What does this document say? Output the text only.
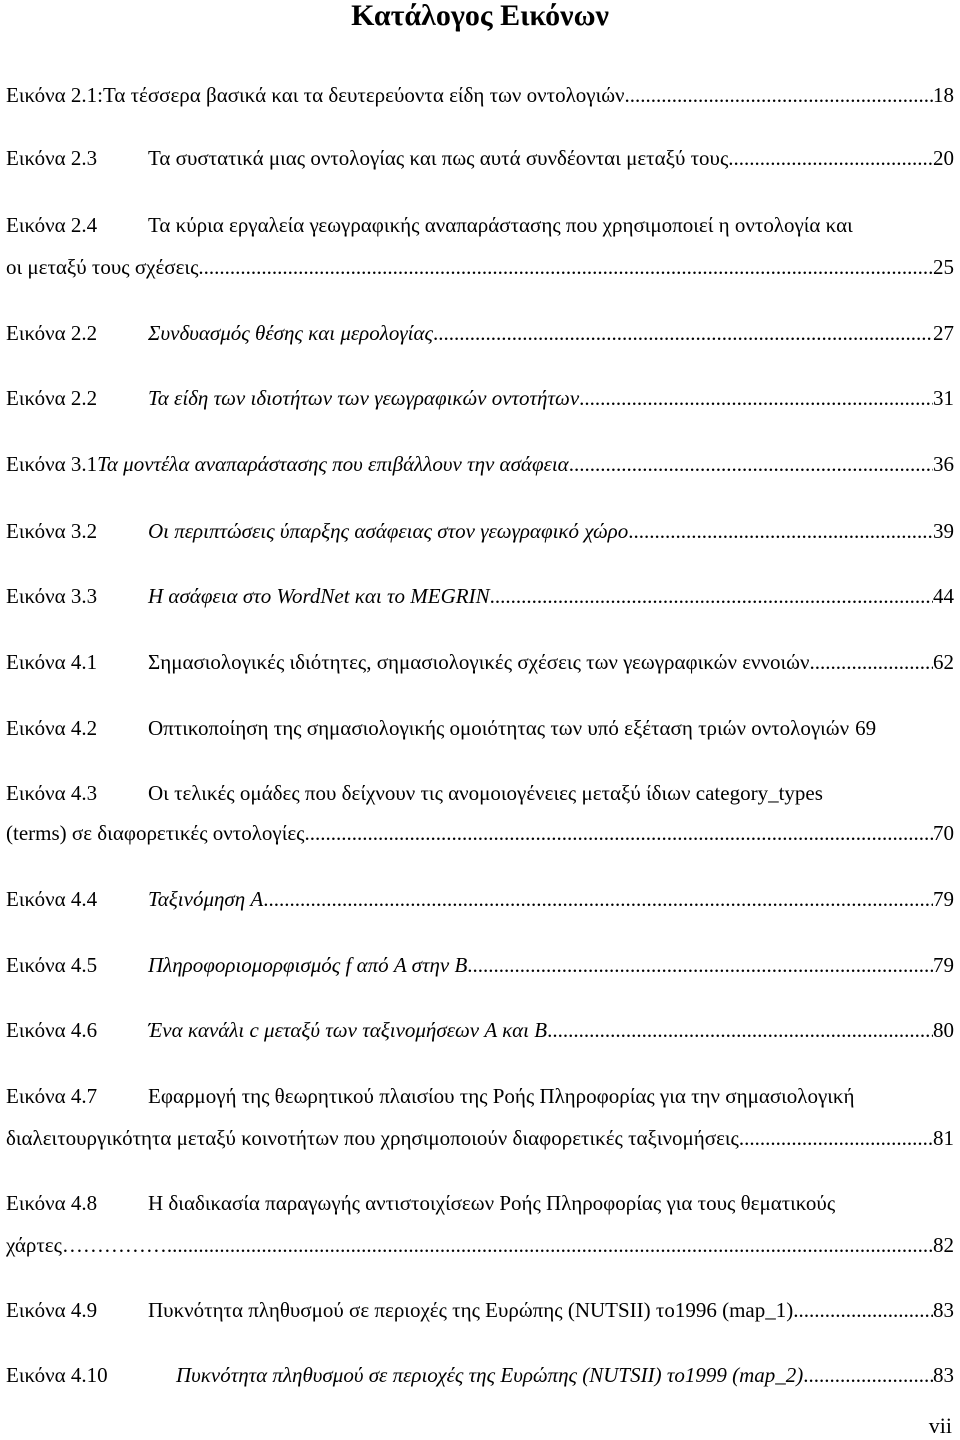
Κατάλογος Εικόνων
Εικόνα 2.1: Τα τέσσερα βασικά και τα δευτερεύοντα είδη των οντολογιών .....	18
Εικόνα 2.3	Τα συστατικά μιας οντολογίας και πως αυτά συνδέονται μεταξύ τους .....	20
Εικόνα 2.4	Τα κύρια εργαλεία γεωγραφικής αναπαράστασης που χρησιμοποιεί η οντολογία και
οι μεταξύ τους σχέσεις .....	25
Εικόνα 2.2	Συνδυασμός θέσης και μερολογίας .....	27
Εικόνα 2.2	Τα είδη των ιδιοτήτων των γεωγραφικών οντοτήτων .....	31
Εικόνα 3.1 Τα μοντέλα αναπαράστασης που επιβάλλουν την ασάφεια .....	36
Εικόνα 3.2	Οι περιπτώσεις ύπαρξης ασάφειας στον γεωγραφικό χώρο .....	39
Εικόνα 3.3	Η ασάφεια στο WordNet και το MEGRIN .....	44
Εικόνα 4.1	Σημασιολογικές ιδιότητες, σημασιολογικές σχέσεις των γεωγραφικών εννοιών .....	62
Εικόνα 4.2	Οπτικοποίηση της σημασιολογικής ομοιότητας των υπό εξέταση τριών οντολογιών 69
Εικόνα 4.3	Οι τελικές ομάδες που δείχνουν τις ανομοιογένειες μεταξύ ίδιων category_types
(terms) σε διαφορετικές οντολογίες .....	70
Εικόνα 4.4	Ταξινόμηση A .....	79
Εικόνα 4.5	Πληροφοριομορφισμός f από A στην B .....	79
Εικόνα 4.6	Ένα κανάλι c μεταξύ των ταξινομήσεων A και B .....	80
Εικόνα 4.7	Εφαρμογή της θεωρητικού πλαισίου της Ροής Πληροφορίας για την σημασιολογική
διαλειτουργικότητα μεταξύ κοινοτήτων που χρησιμοποιούν διαφορετικές ταξινομήσεις .....	81
Εικόνα 4.8	Η διαδικασία παραγωγής αντιστοιχίσεων Ροής Πληροφορίας για τους θεματικούς
χάρτες…………… .....	82
Εικόνα 4.9	Πυκνότητα πληθυσμού σε περιοχές της Ευρώπης (NUTSII) το1996 (map_1) .....	83
Εικόνα 4.10	Πυκνότητα πληθυσμού σε περιοχές της Ευρώπης (NUTSII) το1999 (map_2) .....	83
vii
